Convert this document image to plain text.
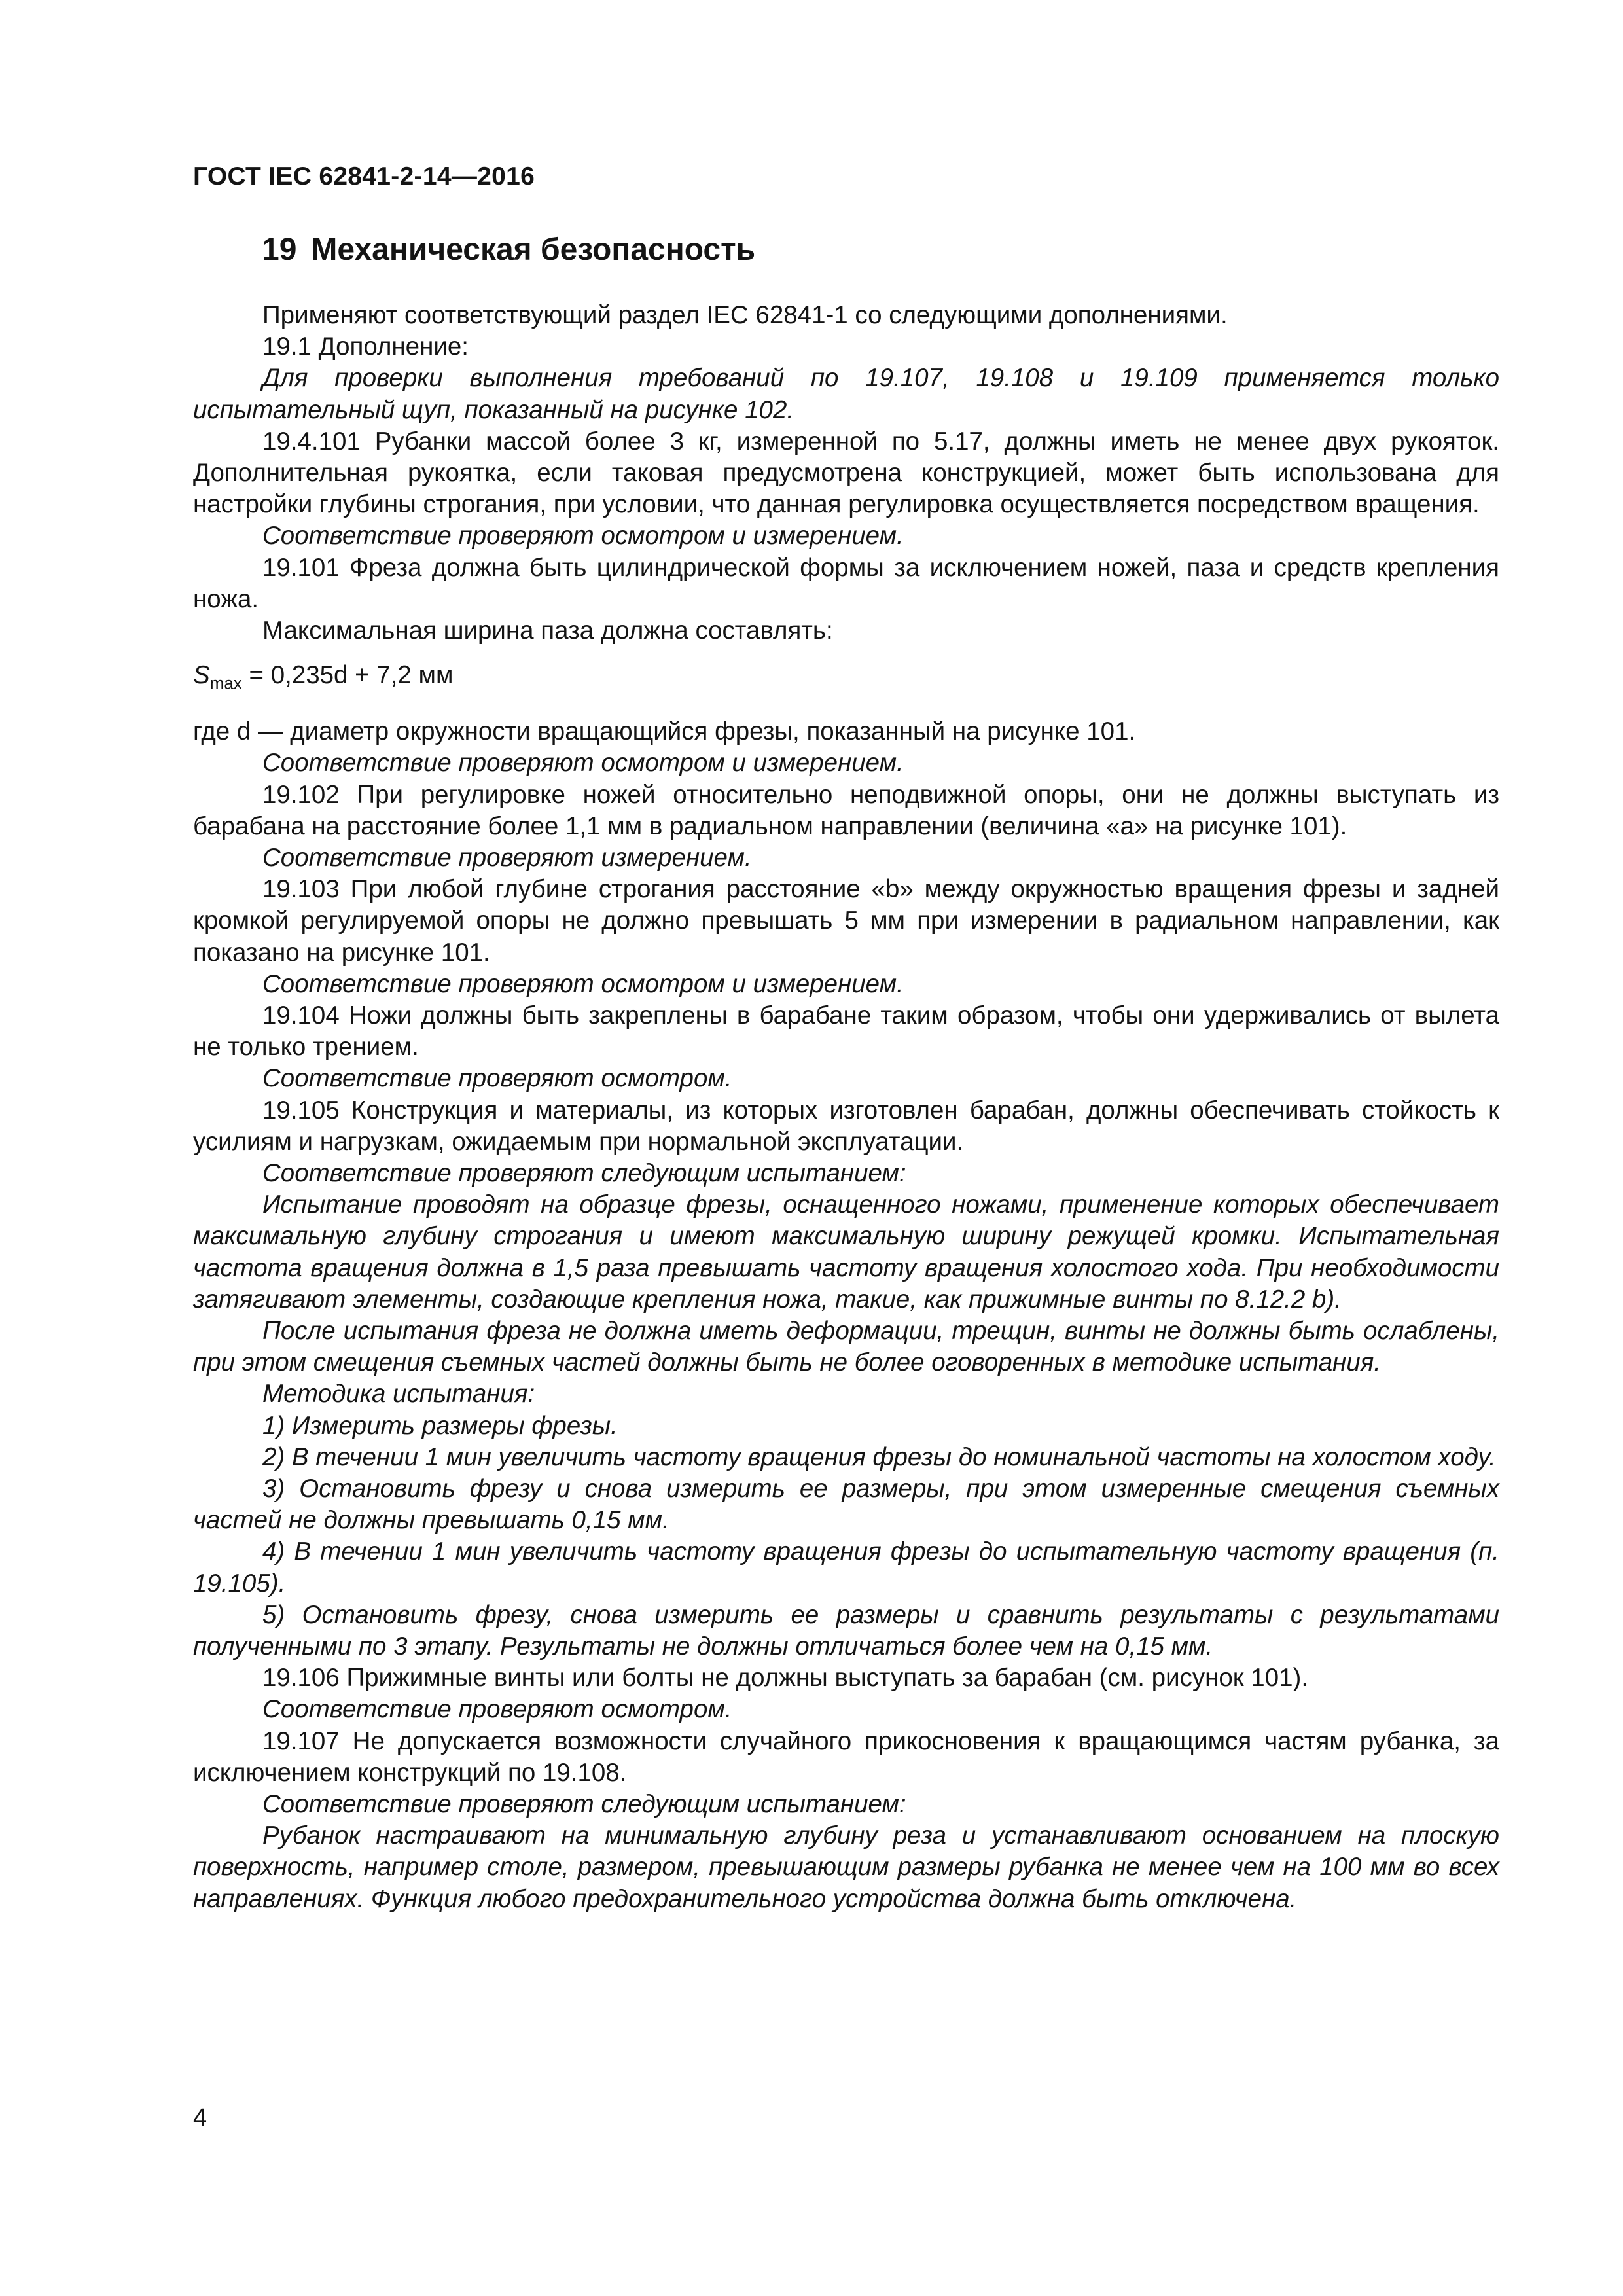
ГОСТ IEC 62841-2-14—2016
19 Механическая безопасность

Применяют соответствующий раздел IEC 62841-1 со следующими дополнениями.

19.1 Дополнение:

Для проверки выполнения требований по 19.107, 19.108 и 19.109 применяется только испытательный щуп, показанный на рисунке 102.

19.4.101 Рубанки массой более 3 кг, измеренной по 5.17, должны иметь не менее двух рукояток. Дополнительная рукоятка, если таковая предусмотрена конструкцией, может быть использована для настройки глубины строгания, при условии, что данная регулировка осуществляется посредством вращения.

Соответствие проверяют осмотром и измерением.

19.101 Фреза должна быть цилиндрической формы за исключением ножей, паза и средств крепления ножа.

Максимальная ширина паза должна составлять:

$S_{max} = 0,235d + 7,2$ мм

где d — диаметр окружности вращающийся фрезы, показанный на рисунке 101.

Соответствие проверяют осмотром и измерением.

19.102 При регулировке ножей относительно неподвижной опоры, они не должны выступать из барабана на расстояние более 1,1 мм в радиальном направлении (величина «a» на рисунке 101).

Соответствие проверяют измерением.

19.103 При любой глубине строгания расстояние «b» между окружностью вращения фрезы и задней кромкой регулируемой опоры не должно превышать 5 мм при измерении в радиальном направлении, как показано на рисунке 101.

Соответствие проверяют осмотром и измерением.

19.104 Ножи должны быть закреплены в барабане таким образом, чтобы они удерживались от вылета не только трением.

Соответствие проверяют осмотром.

19.105 Конструкция и материалы, из которых изготовлен барабан, должны обеспечивать стойкость к усилиям и нагрузкам, ожидаемым при нормальной эксплуатации.

Соответствие проверяют следующим испытанием:

Испытание проводят на образце фрезы, оснащенного ножами, применение которых обеспечивает максимальную глубину строгания и имеют максимальную ширину режущей кромки. Испытательная частота вращения должна в 1,5 раза превышать частоту вращения холостого хода. При необходимости затягивают элементы, создающие крепления ножа, такие, как прижимные винты по 8.12.2 b).

После испытания фреза не должна иметь деформации, трещин, винты не должны быть ослаблены, при этом смещения съемных частей должны быть не более оговоренных в методике испытания.

Методика испытания:

1) Измерить размеры фрезы.

2) В течении 1 мин увеличить частоту вращения фрезы до номинальной частоты на холостом ходу.

3) Остановить фрезу и снова измерить ее размеры, при этом измеренные смещения съемных частей не должны превышать 0,15 мм.

4) В течении 1 мин увеличить частоту вращения фрезы до испытательную частоту вращения (п. 19.105).

5) Остановить фрезу, снова измерить ее размеры и сравнить результаты с результатами полученными по 3 этапу. Результаты не должны отличаться более чем на 0,15 мм.

19.106 Прижимные винты или болты не должны выступать за барабан (см. рисунок 101).

Соответствие проверяют осмотром.

19.107 Не допускается возможности случайного прикосновения к вращающимся частям рубанка, за исключением конструкций по 19.108.

Соответствие проверяют следующим испытанием:

Рубанок настраивают на минимальную глубину реза и устанавливают основанием на плоскую поверхность, например столе, размером, превышающим размеры рубанка не менее чем на 100 мм во всех направлениях. Функция любого предохранительного устройства должна быть отключена.

4
